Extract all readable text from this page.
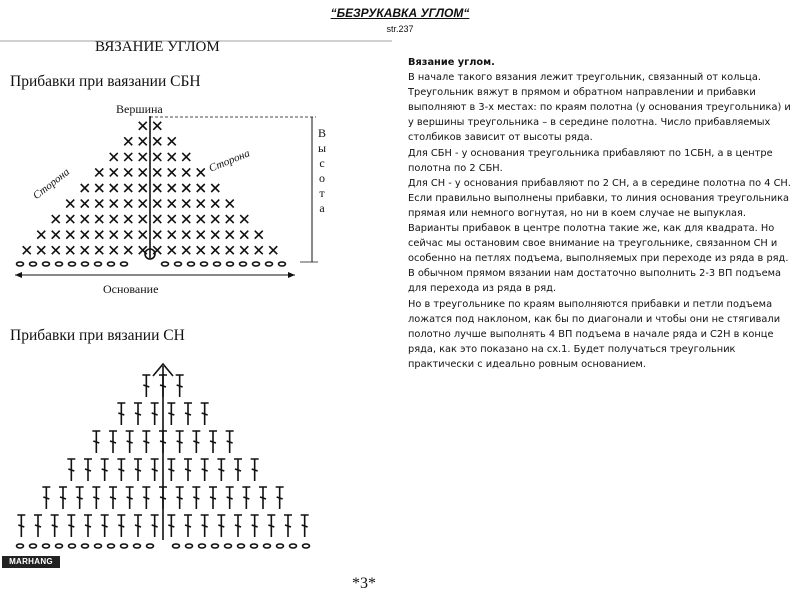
“БЕЗРУКАВКА УГЛОМ“
str.237
ВЯЗАНИЕ УГЛОМ
Прибавки при ваязании СБН
Вершина
В
ы
с
о
т
а
Сторона
Сторона
Основание
Прибавки при вязании СН
MARHANG

Вязание углом.

В начале такого вязания лежит треугольник, связанный от кольца. Треугольник вяжут в прямом и обратном направлении и прибавки выполняют в 3-х местах: по краям полотна (у основания треугольника) и у вершины треугольника – в середине полотна. Число прибавляемых столбиков зависит от высоты ряда.

Для СБН - у основания треугольника прибавляют по 1СБН, а в центре полотна по 2 СБН.

Для СН - у основания прибавляют по 2 СН, а в середине полотна по 4 СН.

Если правильно выполнены прибавки, то линия основания треугольника прямая или немного вогнутая, но ни в коем случае не выпуклая.

Варианты прибавок в центре полотна такие же, как для квадрата. Но сейчас мы остановим свое внимание на треугольнике, связанном СН и особенно на петлях подъема, выполняемых при переходе из ряда в ряд. В обычном прямом вязании нам достаточно выполнить 2-3 ВП подъема для перехода из ряда в ряд.

Но в треугольнике по краям выполняются прибавки и петли подъема ложатся под наклоном, как бы по диагонали и чтобы они не стягивали полотно лучше выполнять 4 ВП подъема в начале ряда и С2Н в конце ряда, как это показано на сх.1. Будет получаться треугольник практически с идеально ровным основанием.

*3*
